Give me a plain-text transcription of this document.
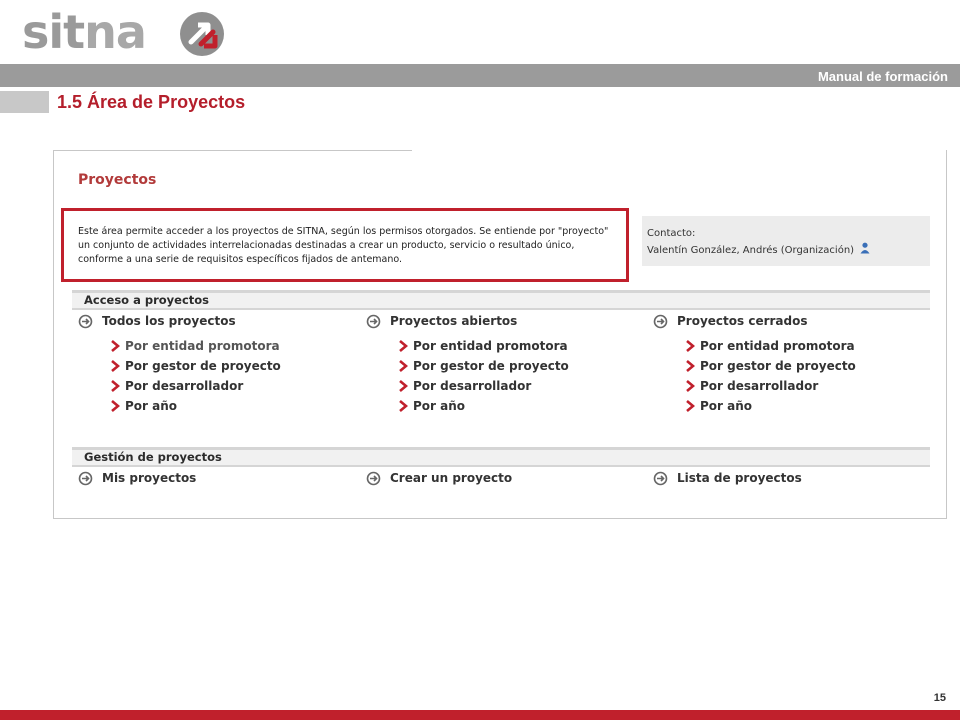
sitna
Manual de formación
1.5 Área de Proyectos
Proyectos
Este área permite acceder a los proyectos de SITNA, según los permisos otorgados. Se entiende por "proyecto" un conjunto de actividades interrelacionadas destinadas a crear un producto, servicio o resultado único, conforme a una serie de requisitos específicos fijados de antemano.
Contacto:
Valentín González, Andrés (Organización)
Acceso a proyectos
Todos los proyectos
Por entidad promotora
Por gestor de proyecto
Por desarrollador
Por año
Proyectos abiertos
Por entidad promotora
Por gestor de proyecto
Por desarrollador
Por año
Proyectos cerrados
Por entidad promotora
Por gestor de proyecto
Por desarrollador
Por año
Gestión de proyectos
Mis proyectos	Crear un proyecto	Lista de proyectos
15
